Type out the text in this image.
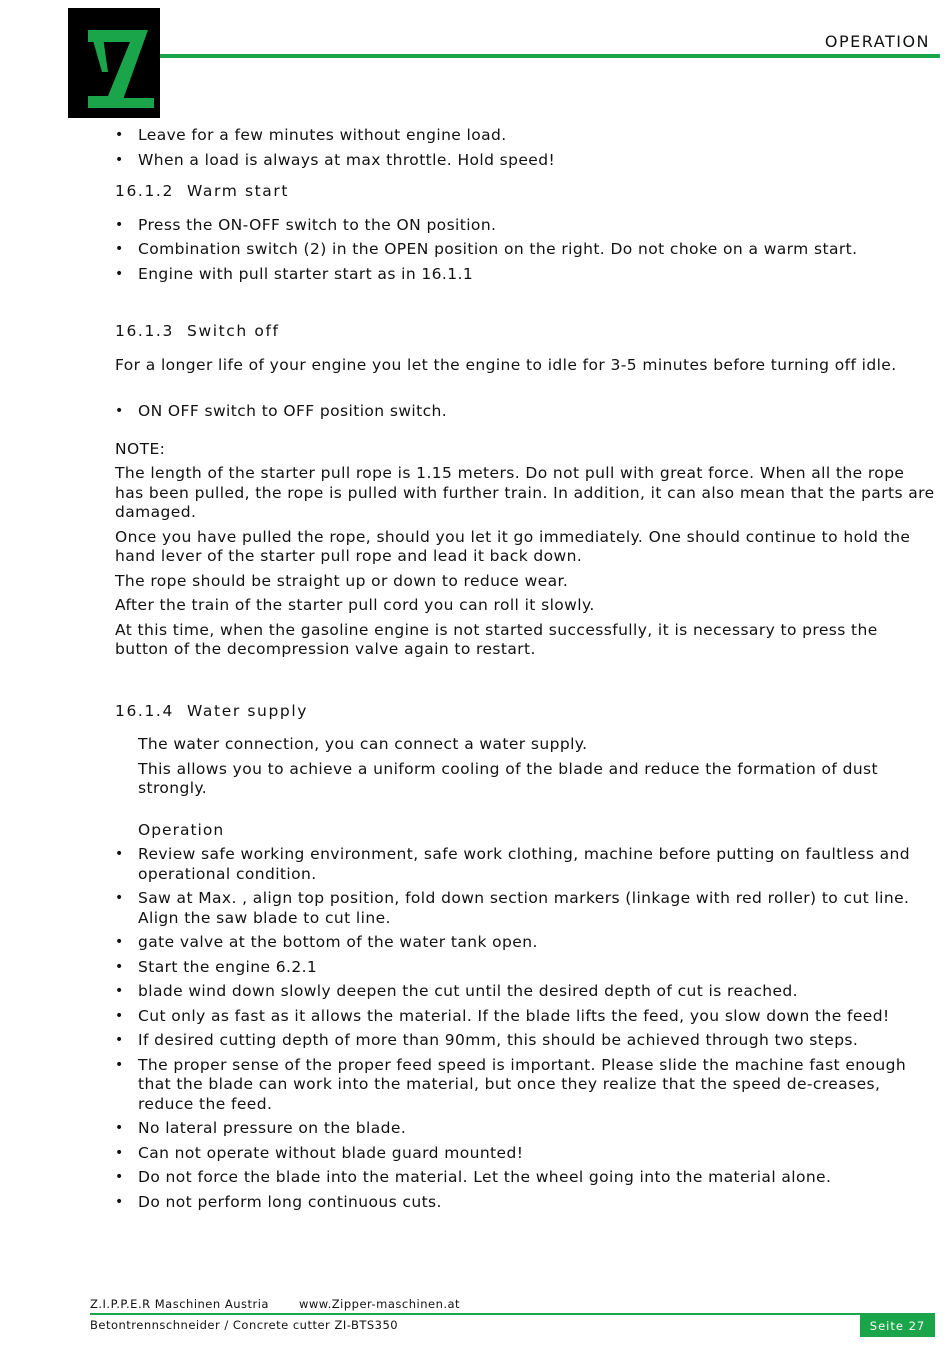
OPERATION
• Leave for a few minutes without engine load.
• When a load is always at max throttle. Hold speed!

16.1.2 Warm start

• Press the ON-OFF switch to the ON position.
• Combination switch (2) in the OPEN position on the right. Do not choke on a warm start.
• Engine with pull starter start as in 16.1.1

16.1.3 Switch off

For a longer life of your engine you let the engine to idle for 3-5 minutes before turning off idle.

• ON OFF switch to OFF position switch.

NOTE:

The length of the starter pull rope is 1.15 meters. Do not pull with great force. When all the rope has been pulled, the rope is pulled with further train. In addition, it can also mean that the parts are damaged.

Once you have pulled the rope, should you let it go immediately. One should continue to hold the hand lever of the starter pull rope and lead it back down.

The rope should be straight up or down to reduce wear.

After the train of the starter pull cord you can roll it slowly.

At this time, when the gasoline engine is not started successfully, it is necessary to press the button of the decompression valve again to restart.

16.1.4 Water supply

The water connection, you can connect a water supply.

This allows you to achieve a uniform cooling of the blade and reduce the formation of dust strongly.

Operation

• Review safe working environment, safe work clothing, machine before putting on faultless and operational condition.
• Saw at Max. , align top position, fold down section markers (linkage with red roller) to cut line. Align the saw blade to cut line.
• gate valve at the bottom of the water tank open.
• Start the engine 6.2.1
• blade wind down slowly deepen the cut until the desired depth of cut is reached.
• Cut only as fast as it allows the material. If the blade lifts the feed, you slow down the feed!
• If desired cutting depth of more than 90mm, this should be achieved through two steps.
• The proper sense of the proper feed speed is important. Please slide the machine fast enough that the blade can work into the material, but once they realize that the speed de-creases, reduce the feed.
• No lateral pressure on the blade.
• Can not operate without blade guard mounted!
• Do not force the blade into the material. Let the wheel going into the material alone.
• Do not perform long continuous cuts.
Z.I.P.P.E.R Maschinen Austria	www.Zipper-maschinen.at
Betontrennschneider / Concrete cutter ZI-BTS350	Seite 27
